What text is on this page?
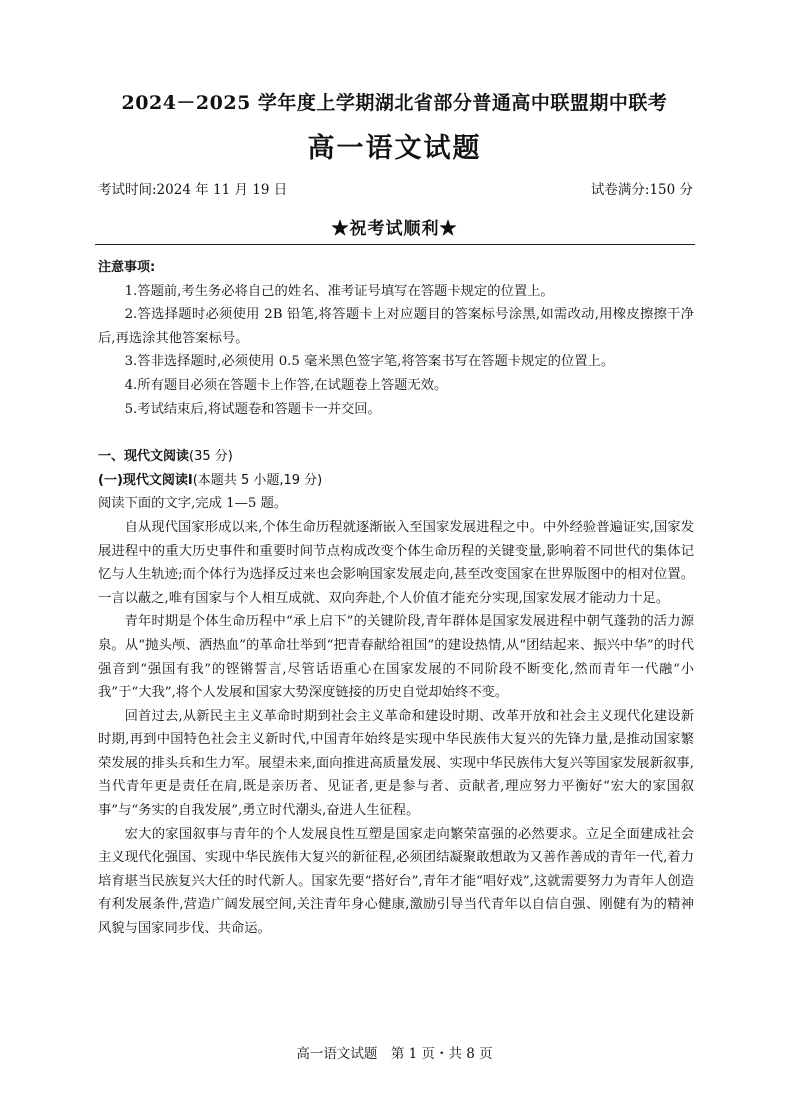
2024－2025 学年度上学期湖北省部分普通高中联盟期中联考
高一语文试题
考试时间:2024 年 11 月 19 日	试卷满分:150 分
★祝考试顺利★

注意事项:

1.答题前,考生务必将自己的姓名、准考证号填写在答题卡规定的位置上。

2.答选择题时必须使用 2B 铅笔,将答题卡上对应题目的答案标号涂黑,如需改动,用橡皮擦擦干净后,再选涂其他答案标号。

3.答非选择题时,必须使用 0.5 毫米黑色签字笔,将答案书写在答题卡规定的位置上。

4.所有题目必须在答题卡上作答,在试题卷上答题无效。

5.考试结束后,将试题卷和答题卡一并交回。

一、现代文阅读(35 分)

(一)现代文阅读Ⅰ(本题共 5 小题,19 分)

阅读下面的文字,完成 1—5 题。

自从现代国家形成以来,个体生命历程就逐渐嵌入至国家发展进程之中。中外经验普遍证实,国家发展进程中的重大历史事件和重要时间节点构成改变个体生命历程的关键变量,影响着不同世代的集体记忆与人生轨迹;而个体行为选择反过来也会影响国家发展走向,甚至改变国家在世界版图中的相对位置。一言以蔽之,唯有国家与个人相互成就、双向奔赴,个人价值才能充分实现,国家发展才能动力十足。

青年时期是个体生命历程中“承上启下”的关键阶段,青年群体是国家发展进程中朝气蓬勃的活力源泉。从“抛头颅、洒热血”的革命壮举到“把青春献给祖国”的建设热情,从“团结起来、振兴中华”的时代强音到“强国有我”的铿锵誓言,尽管话语重心在国家发展的不同阶段不断变化,然而青年一代融“小我”于“大我”,将个人发展和国家大势深度链接的历史自觉却始终不变。

回首过去,从新民主主义革命时期到社会主义革命和建设时期、改革开放和社会主义现代化建设新时期,再到中国特色社会主义新时代,中国青年始终是实现中华民族伟大复兴的先锋力量,是推动国家繁荣发展的排头兵和生力军。展望未来,面向推进高质量发展、实现中华民族伟大复兴等国家发展新叙事,当代青年更是责任在肩,既是亲历者、见证者,更是参与者、贡献者,理应努力平衡好“宏大的家国叙事”与“务实的自我发展”,勇立时代潮头,奋进人生征程。

宏大的家国叙事与青年的个人发展良性互塑是国家走向繁荣富强的必然要求。立足全面建成社会主义现代化强国、实现中华民族伟大复兴的新征程,必须团结凝聚敢想敢为又善作善成的青年一代,着力培育堪当民族复兴大任的时代新人。国家先要“搭好台”,青年才能“唱好戏”,这就需要努力为青年人创造有利发展条件,营造广阔发展空间,关注青年身心健康,激励引导当代青年以自信自强、刚健有为的精神风貌与国家同步伐、共命运。

高一语文试题　第 1 页・共 8 页
